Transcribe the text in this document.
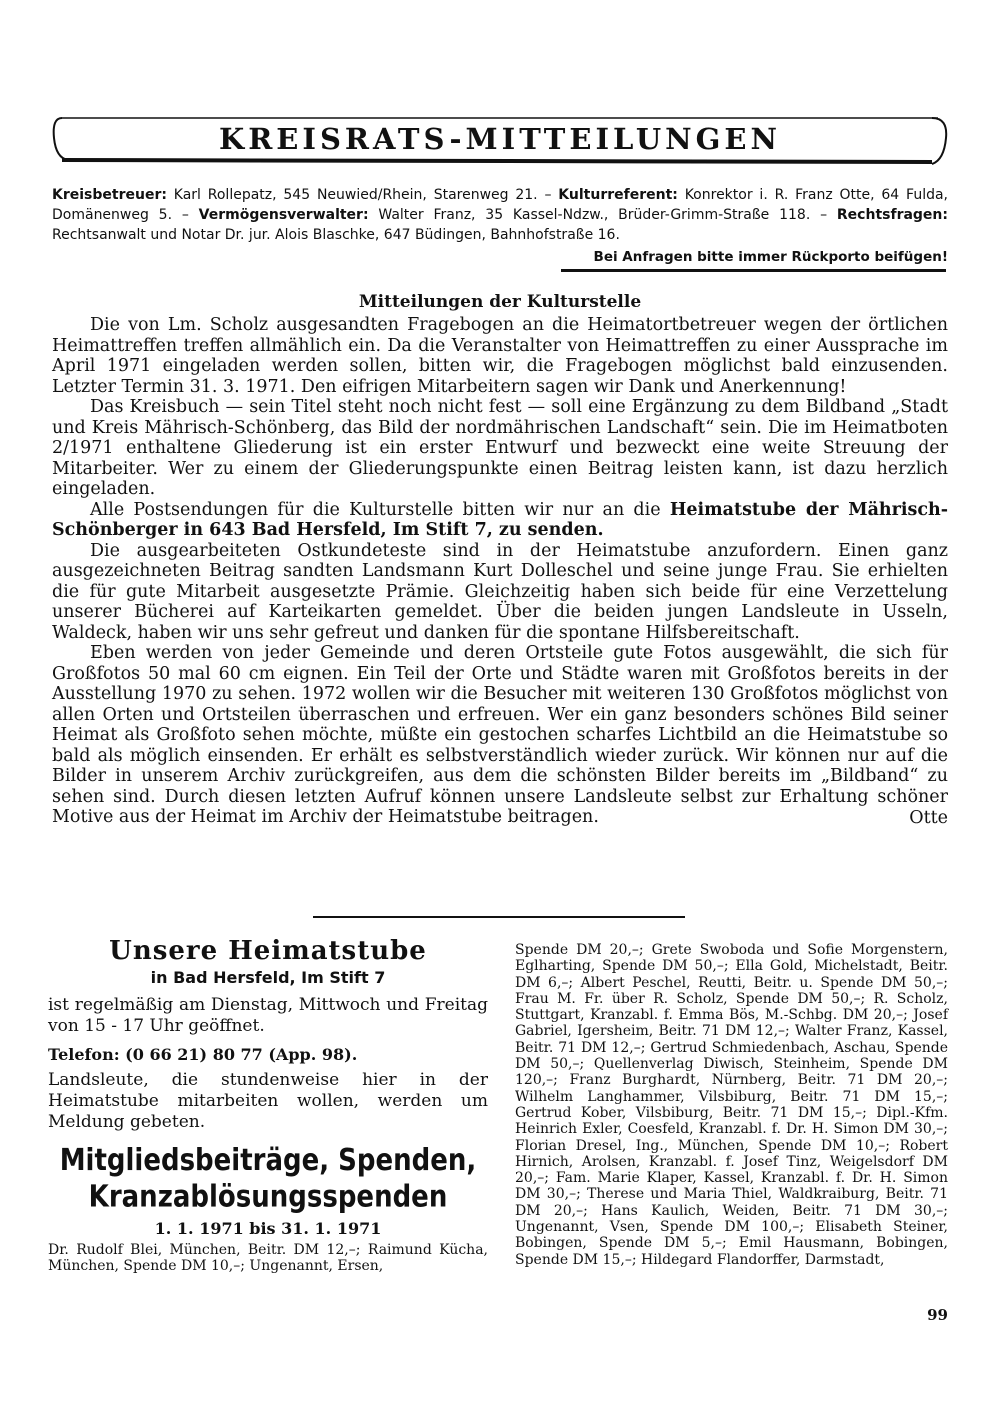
KREISRATS-MITTEILUNGEN
Kreisbetreuer: Karl Rollepatz, 545 Neuwied/Rhein, Starenweg 21. – Kulturreferent: Konrektor i. R. Franz Otte, 64 Fulda, Domänenweg 5. – Vermögensverwalter: Walter Franz, 35 Kassel-Ndzw., Brüder-Grimm-Straße 118. – Rechtsfragen: Rechtsanwalt und Notar Dr. jur. Alois Blaschke, 647 Büdingen, Bahnhofstraße 16.
Bei Anfragen bitte immer Rückporto beifügen!
Mitteilungen der Kulturstelle

Die von Lm. Scholz ausgesandten Fragebogen an die Heimatortbetreuer wegen der örtlichen Heimattreffen treffen allmählich ein. Da die Veranstalter von Heimattreffen zu einer Aussprache im April 1971 eingeladen werden sollen, bitten wir, die Fragebogen möglichst bald einzusenden. Letzter Termin 31. 3. 1971. Den eifrigen Mitarbeitern sagen wir Dank und Anerkennung!

Das Kreisbuch — sein Titel steht noch nicht fest — soll eine Ergänzung zu dem Bildband „Stadt und Kreis Mährisch-Schönberg, das Bild der nordmährischen Landschaft“ sein. Die im Heimatboten 2/1971 enthaltene Gliederung ist ein erster Entwurf und bezweckt eine weite Streuung der Mitarbeiter. Wer zu einem der Gliederungspunkte einen Beitrag leisten kann, ist dazu herzlich eingeladen.

Alle Postsendungen für die Kulturstelle bitten wir nur an die Heimatstube der Mährisch-Schönberger in 643 Bad Hersfeld, Im Stift 7, zu senden.

Die ausgearbeiteten Ostkundeteste sind in der Heimatstube anzufordern. Einen ganz ausgezeichneten Beitrag sandten Landsmann Kurt Dolleschel und seine junge Frau. Sie erhielten die für gute Mitarbeit ausgesetzte Prämie. Gleichzeitig haben sich beide für eine Verzettelung unserer Bücherei auf Karteikarten gemeldet. Über die beiden jungen Landsleute in Usseln, Waldeck, haben wir uns sehr gefreut und danken für die spontane Hilfsbereitschaft.

Eben werden von jeder Gemeinde und deren Ortsteile gute Fotos ausgewählt, die sich für Großfotos 50 mal 60 cm eignen. Ein Teil der Orte und Städte waren mit Großfotos bereits in der Ausstellung 1970 zu sehen. 1972 wollen wir die Besucher mit weiteren 130 Großfotos möglichst von allen Orten und Ortsteilen überraschen und erfreuen. Wer ein ganz besonders schönes Bild seiner Heimat als Großfoto sehen möchte, müßte ein gestochen scharfes Lichtbild an die Heimatstube so bald als möglich einsenden. Er erhält es selbstverständlich wieder zurück. Wir können nur auf die Bilder in unserem Archiv zurückgreifen, aus dem die schönsten Bilder bereits im „Bildband“ zu sehen sind. Durch diesen letzten Aufruf können unsere Landsleute selbst zur Erhaltung schöner Motive aus der Heimat im Archiv der Heimatstube beitragen.	Otte
Unsere Heimatstube
in Bad Hersfeld, Im Stift 7

ist regelmäßig am Dienstag, Mittwoch und Freitag von 15 - 17 Uhr geöffnet.

Telefon: (0 66 21) 80 77 (App. 98).

Landsleute, die stundenweise hier in der Heimatstube mitarbeiten wollen, werden um Meldung gebeten.

Mitgliedsbeiträge, Spenden,
Kranzablösungsspenden
1. 1. 1971 bis 31. 1. 1971

Dr. Rudolf Blei, München, Beitr. DM 12,–; Raimund Kücha, München, Spende DM 10,–; Ungenannt, Ersen,

Spende DM 20,–; Grete Swoboda und Sofie Morgenstern, Eglharting, Spende DM 50,–; Ella Gold, Michelstadt, Beitr. DM 6,–; Albert Peschel, Reutti, Beitr. u. Spende DM 50,–; Frau M. Fr. über R. Scholz, Spende DM 50,–; R. Scholz, Stuttgart, Kranzabl. f. Emma Bös, M.-Schbg. DM 20,–; Josef Gabriel, Igersheim, Beitr. 71 DM 12,–; Walter Franz, Kassel, Beitr. 71 DM 12,–; Gertrud Schmiedenbach, Aschau, Spende DM 50,–; Quellenverlag Diwisch, Steinheim, Spende DM 120,–; Franz Burghardt, Nürnberg, Beitr. 71 DM 20,–; Wilhelm Langhammer, Vilsbiburg, Beitr. 71 DM 15,–; Gertrud Kober, Vilsbiburg, Beitr. 71 DM 15,–; Dipl.-Kfm. Heinrich Exler, Coesfeld, Kranzabl. f. Dr. H. Simon DM 30,–; Florian Dresel, Ing., München, Spende DM 10,–; Robert Hirnich, Arolsen, Kranzabl. f. Josef Tinz, Weigelsdorf DM 20,–; Fam. Marie Klaper, Kassel, Kranzabl. f. Dr. H. Simon DM 30,–; Therese und Maria Thiel, Waldkraiburg, Beitr. 71 DM 20,–; Hans Kaulich, Weiden, Beitr. 71 DM 30,–; Ungenannt, Vsen, Spende DM 100,–; Elisabeth Steiner, Bobingen, Spende DM 5,–; Emil Hausmann, Bobingen, Spende DM 15,–; Hildegard Flandorffer, Darmstadt,

99
